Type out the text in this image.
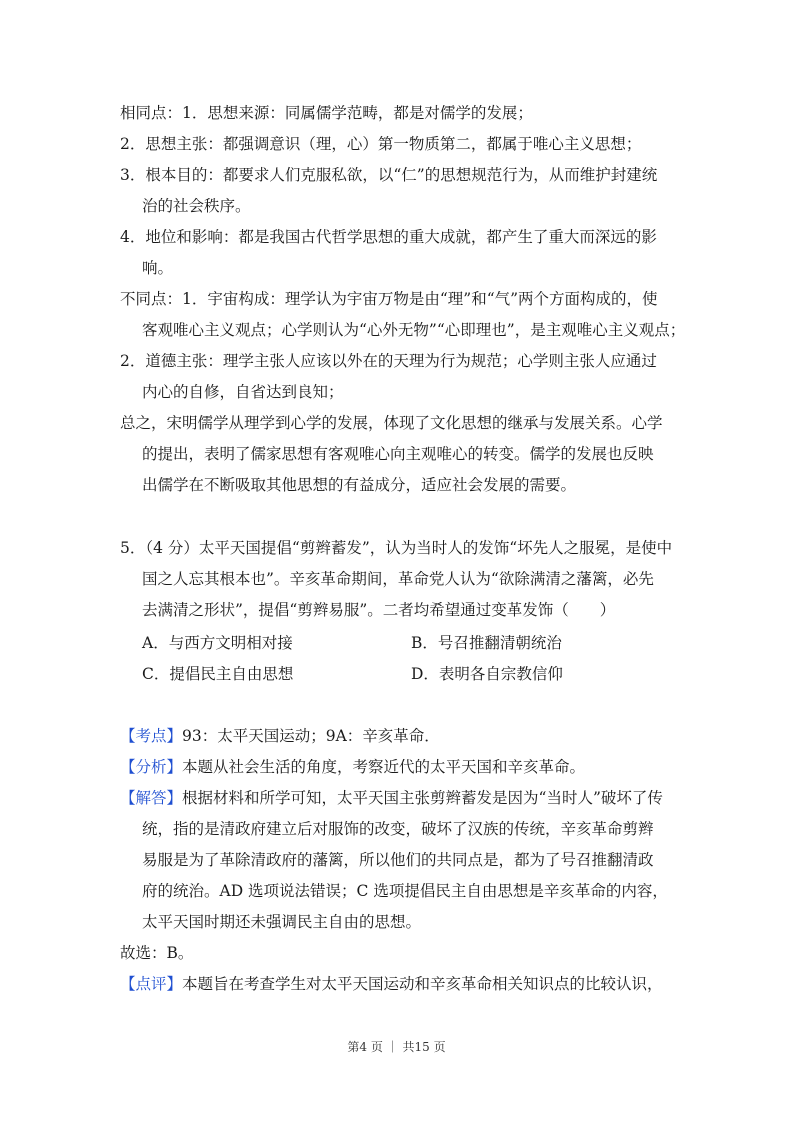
相同点：1．思想来源：同属儒学范畴，都是对儒学的发展；
2．思想主张：都强调意识（理，心）第一物质第二，都属于唯心主义思想；
3．根本目的：都要求人们克服私欲，以“仁”的思想规范行为，从而维护封建统
治的社会秩序。
4．地位和影响：都是我国古代哲学思想的重大成就，都产生了重大而深远的影
响。
不同点：1．宇宙构成：理学认为宇宙万物是由“理”和“气”两个方面构成的，使
客观唯心主义观点；心学则认为“心外无物”“心即理也”，是主观唯心主义观点；
2．道德主张：理学主张人应该以外在的天理为行为规范；心学则主张人应通过
内心的自修，自省达到良知；
总之，宋明儒学从理学到心学的发展，体现了文化思想的继承与发展关系。心学
的提出，表明了儒家思想有客观唯心向主观唯心的转变。儒学的发展也反映
出儒学在不断吸取其他思想的有益成分，适应社会发展的需要。
5．（4 分）太平天国提倡“剪辫蓄发”，认为当时人的发饰“坏先人之服冕，是使中
国之人忘其根本也”。辛亥革命期间，革命党人认为“欲除满清之藩篱，必先
去满清之形状”，提倡“剪辫易服”。二者均希望通过变革发饰（　　）
A．与西方文明相对接	B．号召推翻清朝统治
C．提倡民主自由思想	D．表明各自宗教信仰
【考点】93：太平天国运动；9A：辛亥革命．
【分析】本题从社会生活的角度，考察近代的太平天国和辛亥革命。
【解答】根据材料和所学可知，太平天国主张剪辫蓄发是因为“当时人”破坏了传
统，指的是清政府建立后对服饰的改变，破坏了汉族的传统，辛亥革命剪辫
易服是为了革除清政府的藩篱，所以他们的共同点是，都为了号召推翻清政
府的统治。AD 选项说法错误；C 选项提倡民主自由思想是辛亥革命的内容，
太平天国时期还未强调民主自由的思想。
故选：B。
【点评】本题旨在考查学生对太平天国运动和辛亥革命相关知识点的比较认识，
第4 页 ｜ 共15 页
